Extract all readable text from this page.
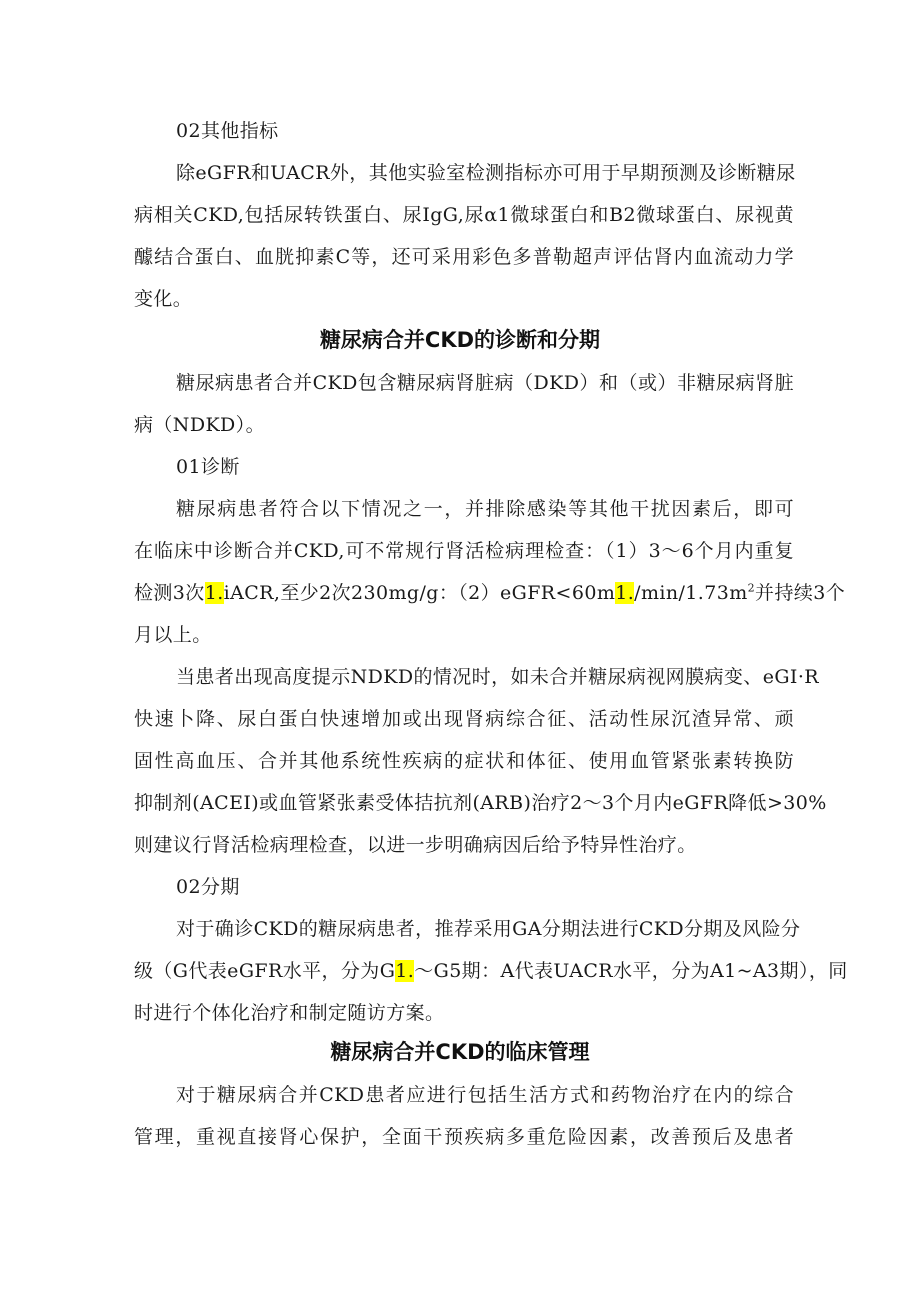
02其他指标
除eGFR和UACR外，其他实验室检测指标亦可用于早期预测及诊断糖尿
病相关CKD,包括尿转铁蛋白、尿IgG,尿α1微球蛋白和B2微球蛋白、尿视黄
醵结合蛋白、血胱抑素C等，还可采用彩色多普勒超声评估肾内血流动力学
变化。
糖尿病合并CKD的诊断和分期
糖尿病患者合并CKD包含糖尿病肾脏病（DKD）和（或）非糖尿病肾脏
病（NDKD）。
01诊断
糖尿病患者符合以下情况之一，并排除感染等其他干扰因素后，即可
在临床中诊断合并CKD,可不常规行肾活检病理检查：（1）3～6个月内重复
检测3次1.iACR,至少2次230mg/g：$(2)eGFR<60m1./\min/1.73m^2$并持续3个
月以上。
当患者出现高度提示NDKD的情况时，如未合并糖尿病视网膜病变、eGI·R
快速卜降、尿白蛋白快速增加或出现肾病综合征、活动性尿沉渣异常、顽
固性高血压、合并其他系统性疾病的症状和体征、使用血管紧张素转换防
抑制剂(ACEI)或血管紧张素受体拮抗剂(ARB)治疗2～3个月内eGFR降低>30%
则建议行肾活检病理检查，以进一步明确病因后给予特异性治疗。
02分期
对于确诊CKD的糖尿病患者，推荐采用GA分期法进行CKD分期及风险分
级（G代表eGFR水平，分为G1.～G5期：A代表UACR水平，分为A1~A3期），同
时进行个体化治疗和制定随访方案。
糖尿病合并CKD的临床管理
对于糖尿病合并CKD患者应进行包括生活方式和药物治疗在内的综合
管理，重视直接肾心保护，全面干预疾病多重危险因素，改善预后及患者
